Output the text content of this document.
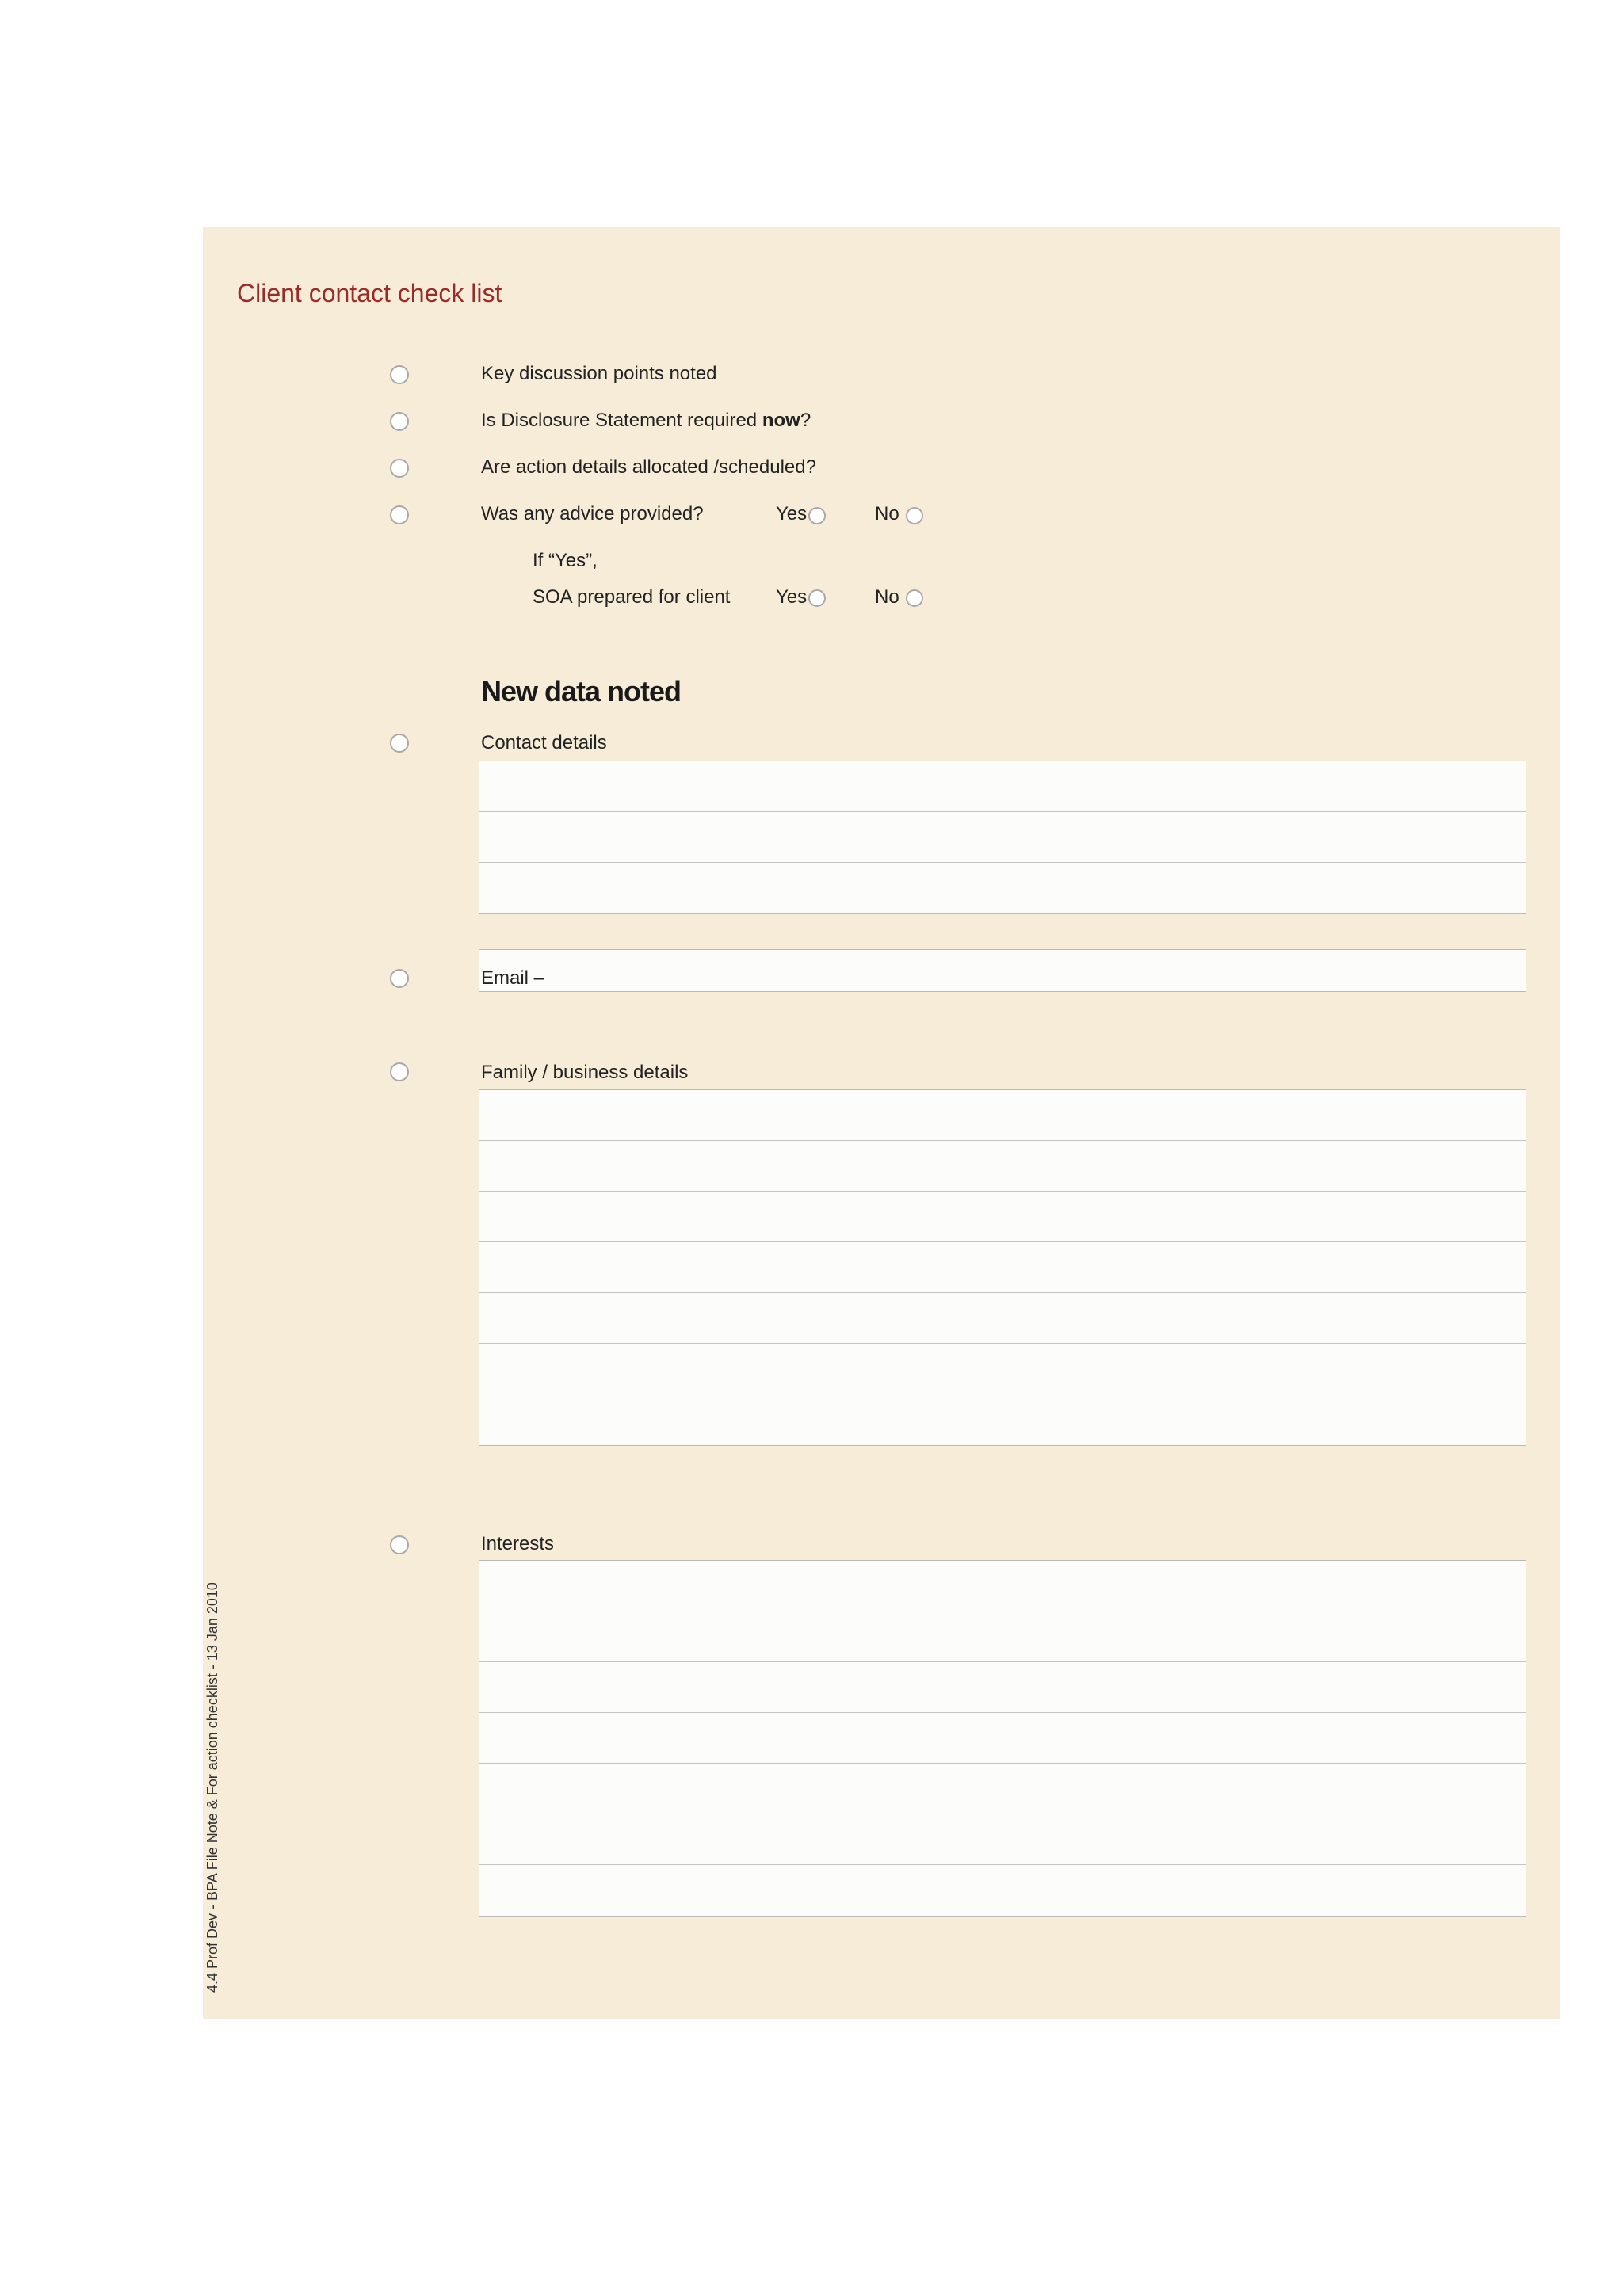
Client contact check list
Key discussion points noted
Is Disclosure Statement required now?
Are action details allocated /scheduled?
Was any advice provided?	Yes	No
If “Yes”,
SOA prepared for client Yes	No
New data noted
Contact details
Email –
Family / business details
Interests
4.4 Prof Dev - BPA File Note & For action checklist - 13 Jan 2010
